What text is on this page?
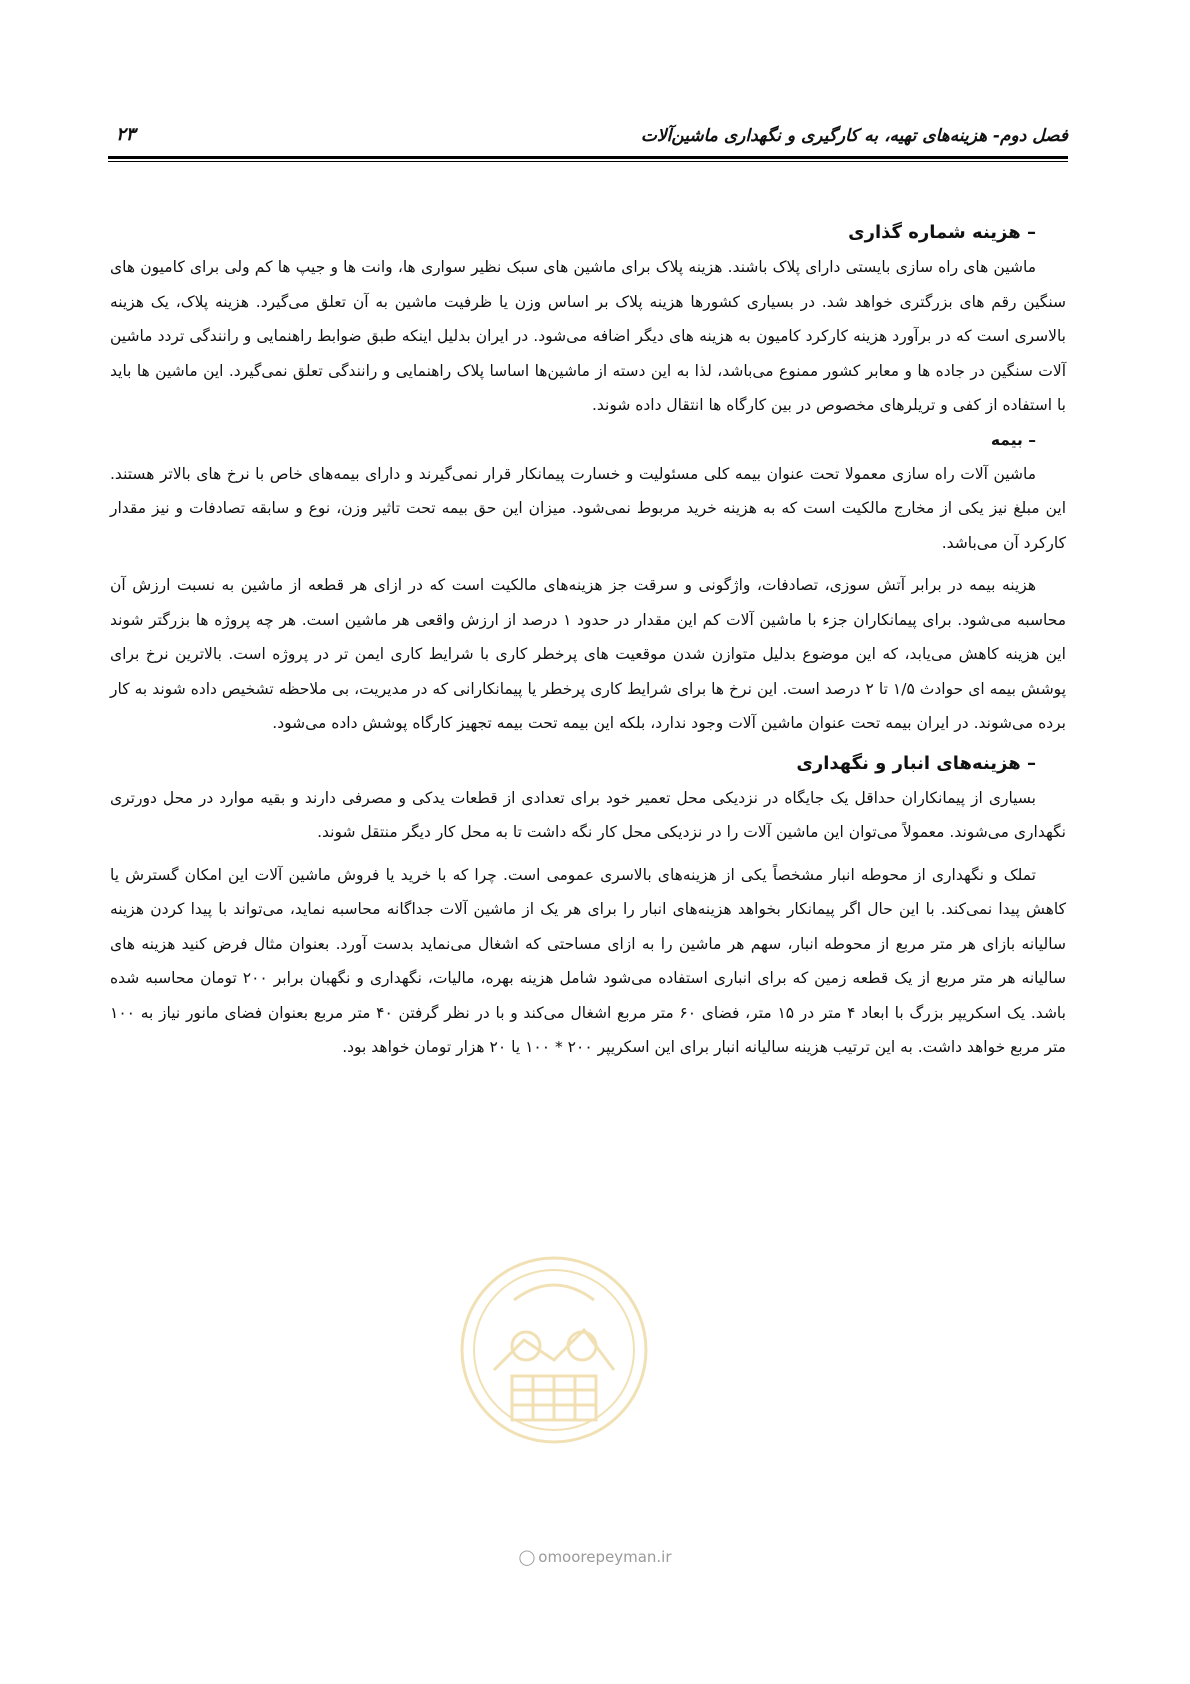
فصل دوم- هزینه‌های تهیه، به کارگیری و نگهداری ماشین‌آلات
۲۳
– هزینه شماره گذاری

ماشین های راه سازی بایستی دارای پلاک باشند. هزینه پلاک برای ماشین های سبک نظیر سواری ها، وانت ها و جیپ ها کم ولی برای کامیون های سنگین رقم های بزرگتری خواهد شد. در بسیاری کشورها هزینه پلاک بر اساس وزن یا ظرفیت ماشین به آن تعلق می‌گیرد. هزینه پلاک، یک هزینه بالاسری است که در برآورد هزینه کارکرد کامیون به هزینه های دیگر اضافه می‌شود. در ایران بدلیل اینکه طبق ضوابط راهنمایی و رانندگی تردد ماشین آلات سنگین در جاده ها و معابر کشور ممنوع می‌باشد، لذا به این دسته از ماشین‌ها اساسا پلاک راهنمایی و رانندگی تعلق نمی‌گیرد. این ماشین ها باید با استفاده از کفی و تریلرهای مخصوص در بین کارگاه ها انتقال داده شوند.

– بیمه

ماشین آلات راه سازی معمولا تحت عنوان بیمه کلی مسئولیت و خسارت پیمانکار قرار نمی‌گیرند و دارای بیمه‌های خاص با نرخ های بالاتر هستند. این مبلغ نیز یکی از مخارج مالکیت است که به هزینه خرید مربوط نمی‌شود. میزان این حق بیمه تحت تاثیر وزن، نوع و سابقه تصادفات و نیز مقدار کارکرد آن می‌باشد.

هزینه بیمه در برابر آتش سوزی، تصادفات، واژگونی و سرقت جز هزینه‌های مالکیت است که در ازای هر قطعه از ماشین به نسبت ارزش آن محاسبه می‌شود. برای پیمانکاران جزء با ماشین آلات کم این مقدار در حدود ۱ درصد از ارزش واقعی هر ماشین است. هر چه پروژه ها بزرگتر شوند این هزینه کاهش می‌یابد، که این موضوع بدلیل متوازن شدن موقعیت های پرخطر کاری با شرایط کاری ایمن تر در پروژه است. بالاترین نرخ برای پوشش بیمه ای حوادث ۱/۵ تا ۲ درصد است. این نرخ ها برای شرایط کاری پرخطر یا پیمانکارانی که در مدیریت، بی ملاحظه تشخیص داده شوند به کار برده می‌شوند. در ایران بیمه تحت عنوان ماشین آلات وجود ندارد، بلکه این بیمه تحت بیمه تجهیز کارگاه پوشش داده می‌شود.

– هزینه‌های انبار و نگهداری

بسیاری از پیمانکاران حداقل یک جایگاه در نزدیکی محل تعمیر خود برای تعدادی از قطعات یدکی و مصرفی دارند و بقیه موارد در محل دورتری نگهداری می‌شوند. معمولاً می‌توان این ماشین آلات را در نزدیکی محل کار نگه داشت تا به محل کار دیگر منتقل شوند.

تملک و نگهداری از محوطه انبار مشخصاً یکی از هزینه‌های بالاسری عمومی است. چرا که با خرید یا فروش ماشین آلات این امکان گسترش یا کاهش پیدا نمی‌کند. با این حال اگر پیمانکار بخواهد هزینه‌های انبار را برای هر یک از ماشین آلات جداگانه محاسبه نماید، می‌تواند با پیدا کردن هزینه سالیانه بازای هر متر مربع از محوطه انبار، سهم هر ماشین را به ازای مساحتی که اشغال می‌نماید بدست آورد. بعنوان مثال فرض کنید هزینه های سالیانه هر متر مربع از یک قطعه زمین که برای انباری استفاده می‌شود شامل هزینه بهره، مالیات، نگهداری و نگهبان برابر ۲۰۰ تومان محاسبه شده باشد. یک اسکریپر بزرگ با ابعاد ۴ متر در ۱۵ متر، فضای ۶۰ متر مربع اشغال می‌کند و با در نظر گرفتن ۴۰ متر مربع بعنوان فضای مانور نیاز به ۱۰۰ متر مربع خواهد داشت. به این ترتیب هزینه سالیانه انبار برای این اسکریپر ۲۰۰ * ۱۰۰ یا ۲۰ هزار تومان خواهد بود.

◯ omoorepeyman.ir
